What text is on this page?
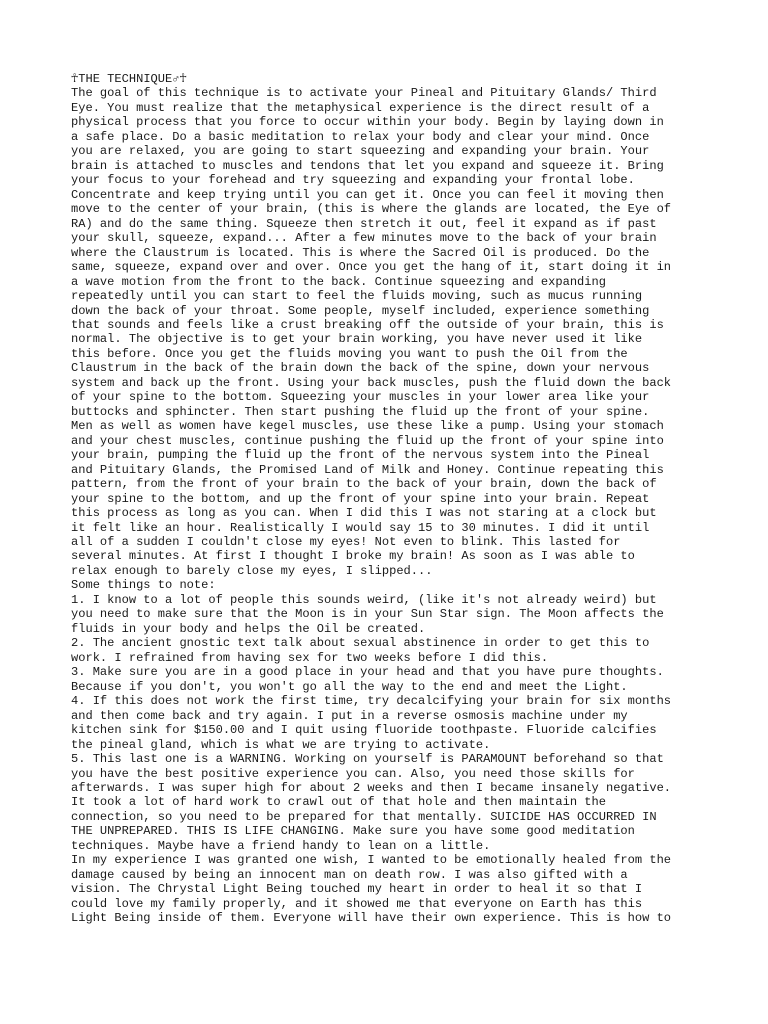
☥THE TECHNIQUE♂☥
The goal of this technique is to activate your Pineal and Pituitary Glands/ Third
Eye. You must realize that the metaphysical experience is the direct result of a
physical process that you force to occur within your body. Begin by laying down in
a safe place. Do a basic meditation to relax your body and clear your mind. Once
you are relaxed, you are going to start squeezing and expanding your brain. Your
brain is attached to muscles and tendons that let you expand and squeeze it. Bring
your focus to your forehead and try squeezing and expanding your frontal lobe.
Concentrate and keep trying until you can get it. Once you can feel it moving then
move to the center of your brain, (this is where the glands are located, the Eye of
RA) and do the same thing. Squeeze then stretch it out, feel it expand as if past
your skull, squeeze, expand... After a few minutes move to the back of your brain
where the Claustrum is located. This is where the Sacred Oil is produced. Do the
same, squeeze, expand over and over. Once you get the hang of it, start doing it in
a wave motion from the front to the back. Continue squeezing and expanding
repeatedly until you can start to feel the fluids moving, such as mucus running
down the back of your throat. Some people, myself included, experience something
that sounds and feels like a crust breaking off the outside of your brain, this is
normal. The objective is to get your brain working, you have never used it like
this before. Once you get the fluids moving you want to push the Oil from the
Claustrum in the back of the brain down the back of the spine, down your nervous
system and back up the front. Using your back muscles, push the fluid down the back
of your spine to the bottom. Squeezing your muscles in your lower area like your
buttocks and sphincter. Then start pushing the fluid up the front of your spine.
Men as well as women have kegel muscles, use these like a pump. Using your stomach
and your chest muscles, continue pushing the fluid up the front of your spine into
your brain, pumping the fluid up the front of the nervous system into the Pineal
and Pituitary Glands, the Promised Land of Milk and Honey. Continue repeating this
pattern, from the front of your brain to the back of your brain, down the back of
your spine to the bottom, and up the front of your spine into your brain. Repeat
this process as long as you can. When I did this I was not staring at a clock but
it felt like an hour. Realistically I would say 15 to 30 minutes. I did it until
all of a sudden I couldn't close my eyes! Not even to blink. This lasted for
several minutes. At first I thought I broke my brain! As soon as I was able to
relax enough to barely close my eyes, I slipped...
Some things to note:
1. I know to a lot of people this sounds weird, (like it's not already weird) but
you need to make sure that the Moon is in your Sun Star sign. The Moon affects the
fluids in your body and helps the Oil be created.
2. The ancient gnostic text talk about sexual abstinence in order to get this to
work. I refrained from having sex for two weeks before I did this.
3. Make sure you are in a good place in your head and that you have pure thoughts.
Because if you don't, you won't go all the way to the end and meet the Light.
4. If this does not work the first time, try decalcifying your brain for six months
and then come back and try again. I put in a reverse osmosis machine under my
kitchen sink for $150.00 and I quit using fluoride toothpaste. Fluoride calcifies
the pineal gland, which is what we are trying to activate.
5. This last one is a WARNING. Working on yourself is PARAMOUNT beforehand so that
you have the best positive experience you can. Also, you need those skills for
afterwards. I was super high for about 2 weeks and then I became insanely negative.
It took a lot of hard work to crawl out of that hole and then maintain the
connection, so you need to be prepared for that mentally. SUICIDE HAS OCCURRED IN
THE UNPREPARED. THIS IS LIFE CHANGING. Make sure you have some good meditation
techniques. Maybe have a friend handy to lean on a little.
In my experience I was granted one wish, I wanted to be emotionally healed from the
damage caused by being an innocent man on death row. I was also gifted with a
vision. The Chrystal Light Being touched my heart in order to heal it so that I
could love my family properly, and it showed me that everyone on Earth has this
Light Being inside of them. Everyone will have their own experience. This is how to
